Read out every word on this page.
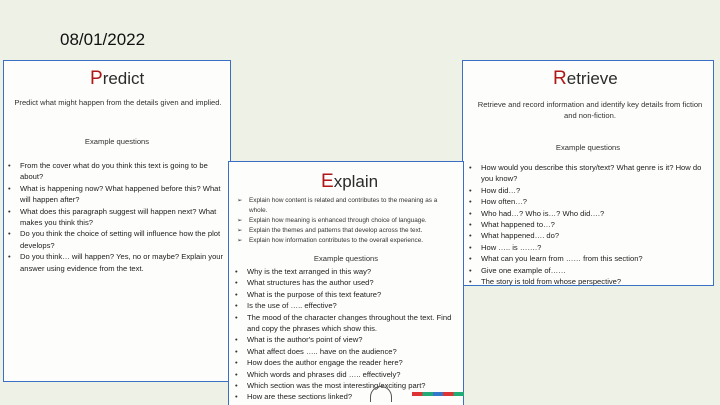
08/01/2022
Predict
Predict what might happen from the details given and implied.
Example questions
• From the cover what do you think this text is going to be about?
• What is happening now? What happened before this? What will happen after?
• What does this paragraph suggest will happen next? What makes you think this?
• Do you think the choice of setting will influence how the plot develops?
• Do you think… will happen? Yes, no or maybe? Explain your answer using evidence from the text.
Retrieve
Retrieve and record information and identify key details from fiction and non-fiction.
Example questions
• How would you describe this story/text? What genre is it? How do you know?
• How did…?
• How often…?
• Who had…? Who is…? Who did….?
• What happened to…?
• What happened…. do?
• How ….. is …….?
• What can you learn from …… from this section?
• Give one example of……
• The story is told from whose perspective?
Explain
➢ Explain how content is related and contributes to the meaning as a whole.
➢ Explain how meaning is enhanced through choice of language.
➢ Explain the themes and patterns that develop across the text.
➢ Explain how information contributes to the overall experience.
Example questions
• Why is the text arranged in this way?
• What structures has the author used?
• What is the purpose of this text feature?
• Is the use of ….. effective?
• The mood of the character changes throughout the text. Find and copy the phrases which show this.
• What is the author's point of view?
• What affect does ….. have on the audience?
• How does the author engage the reader here?
• Which words and phrases did ….. effectively?
• Which section was the most interesting/exciting part?
• How are these sections linked?
